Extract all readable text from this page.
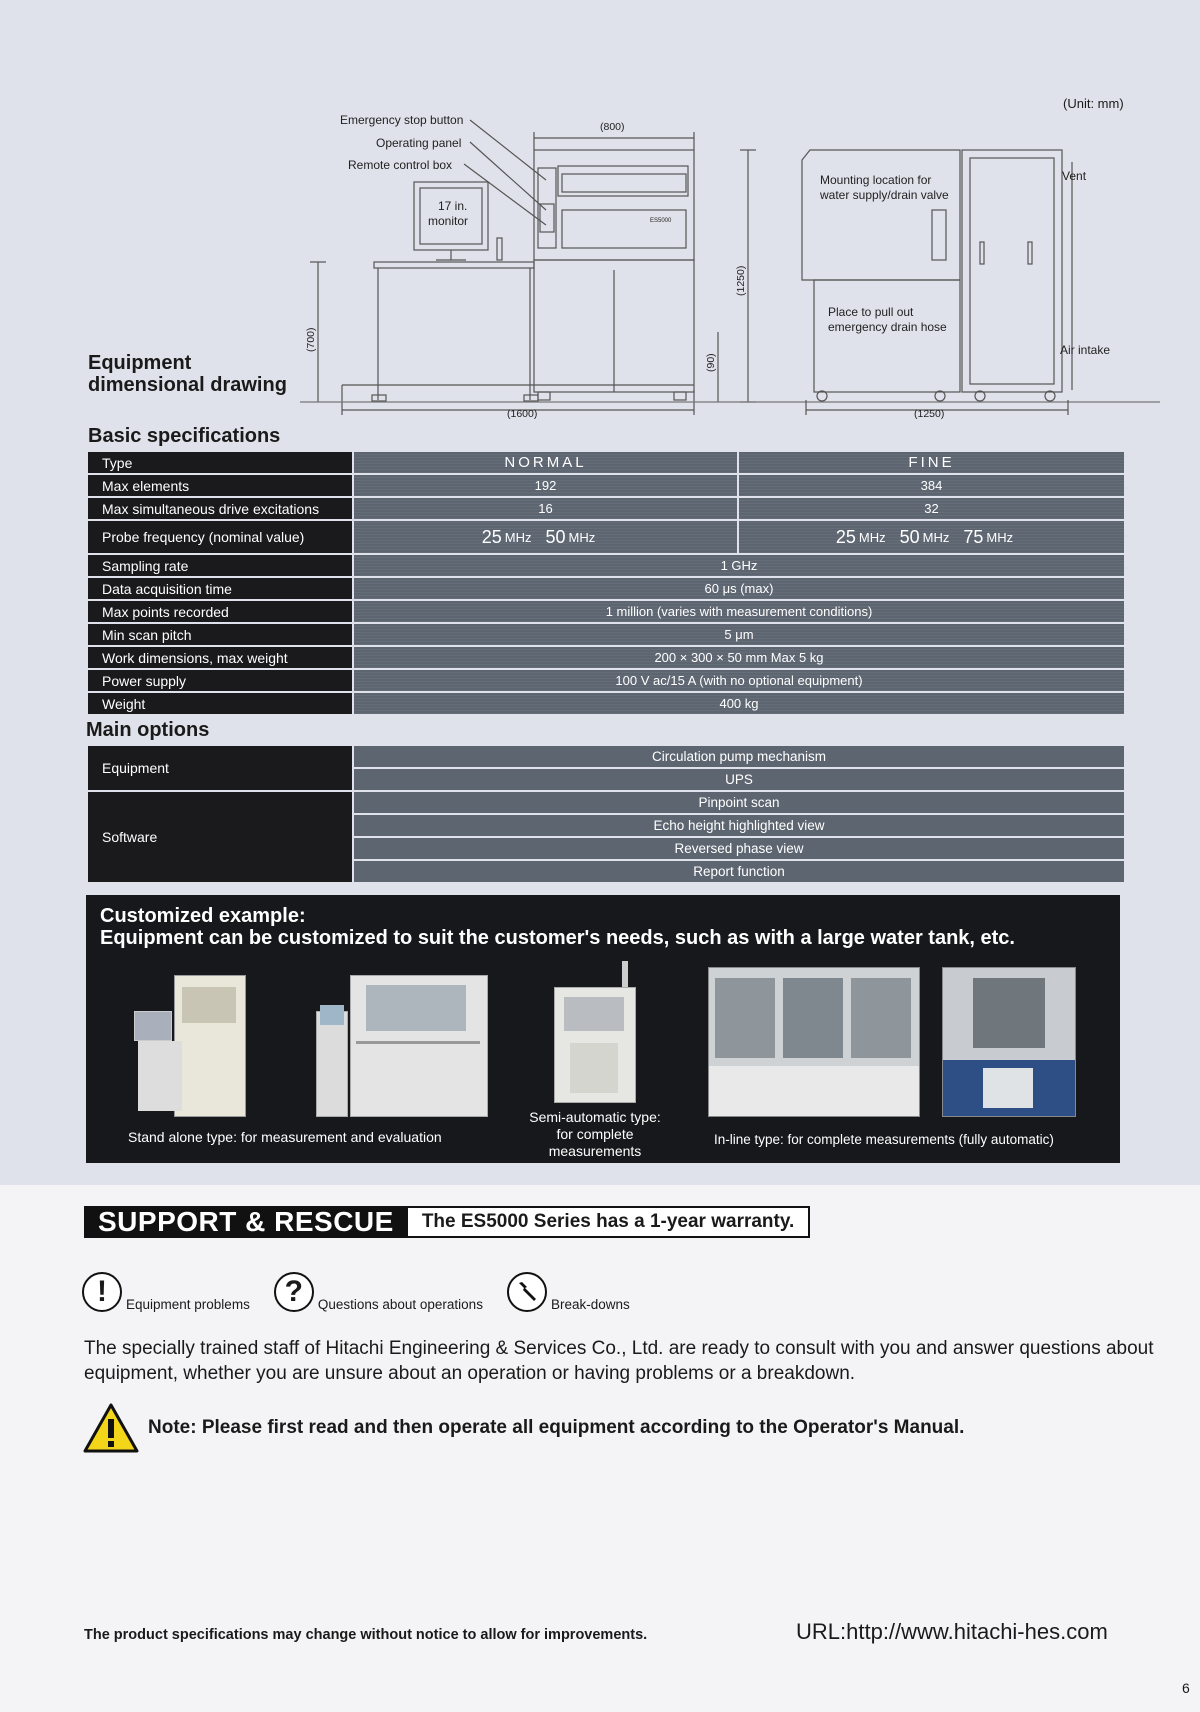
(Unit: mm)
Emergency stop button
Operating panel
Remote control box
17 in.
monitor
(800)
(1250)
(700)
(90)
(1600)	(1250)
Mounting location for
water supply/drain valve
Place to pull out
emergency drain hose
Vent
Air intake
ES5000
Equipment
dimensional drawing
Basic specifications
Type	NORMAL	FINE
Max elements	192	384
Max simultaneous drive excitations	16	32
Probe frequency (nominal value)	25 MHz 50 MHz	25 MHz 50 MHz 75 MHz
Sampling rate	1 GHz
Data acquisition time	60 μs (max)
Max points recorded	1 million (varies with measurement conditions)
Min scan pitch	5 μm
Work dimensions, max weight	200 × 300 × 50 mm Max 5 kg
Power supply	100 V ac/15 A (with no optional equipment)
Weight	400 kg
Main options
Equipment
Circulation pump mechanism
UPS
Software
Pinpoint scan
Echo height highlighted view
Reversed phase view
Report function
Customized example:
Equipment can be customized to suit the customer's needs, such as with a large water tank, etc.
Stand alone type: for measurement and evaluation
Semi-automatic type:
for complete measurements
In-line type: for complete measurements (fully automatic)
SUPPORT & RESCUE	The ES5000 Series has a 1-year warranty.
!	Equipment problems	?	Questions about operations	Break-downs
The specially trained staff of Hitachi Engineering & Services Co., Ltd. are ready to consult with you and answer questions about equipment, whether you are unsure about an operation or having problems or a breakdown.
Note: Please first read and then operate all equipment according to the Operator's Manual.
The product specifications may change without notice to allow for improvements.	URL:http://www.hitachi-hes.com
6
